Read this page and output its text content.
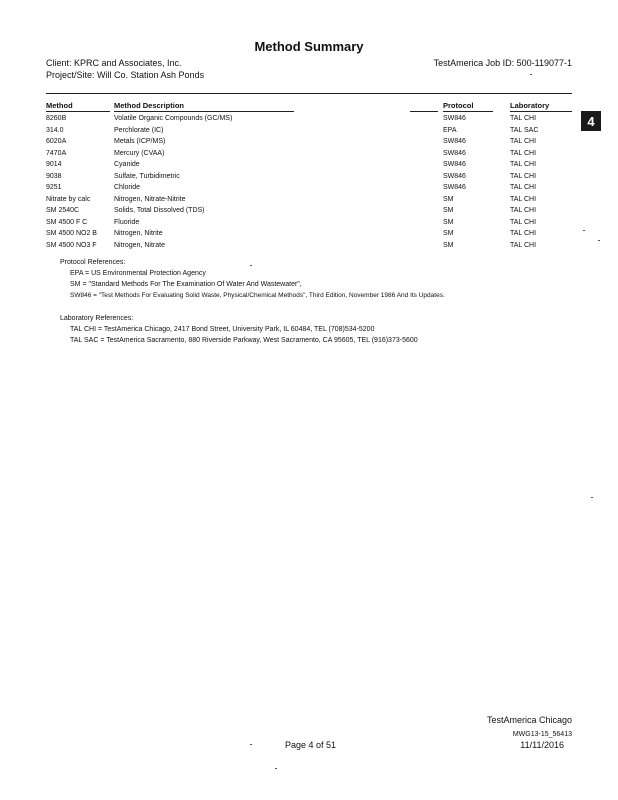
Method Summary
Client: KPRC and Associates, Inc.
Project/Site: Will Co. Station Ash Ponds
TestAmerica Job ID: 500-119077-1
4
Method	Method Description	Protocol	Laboratory
8260B	Volatile Organic Compounds (GC/MS)	SW846	TAL CHI
314.0	Perchlorate (IC)	EPA	TAL SAC
6020A	Metals (ICP/MS)	SW846	TAL CHI
7470A	Mercury (CVAA)	SW846	TAL CHI
9014	Cyanide	SW846	TAL CHI
9038	Sulfate, Turbidimetric	SW846	TAL CHI
9251	Chloride	SW846	TAL CHI
Nitrate by calc	Nitrogen, Nitrate-Nitrite	SM	TAL CHI
SM 2540C	Solids, Total Dissolved (TDS)	SM	TAL CHI
SM 4500 F C	Fluoride	SM	TAL CHI
SM 4500 NO2 B	Nitrogen, Nitrite	SM	TAL CHI
SM 4500 NO3 F	Nitrogen, Nitrate	SM	TAL CHI
Protocol References:
EPA = US Environmental Protection Agency
SM = "Standard Methods For The Examination Of Water And Wastewater",
SW846 = "Test Methods For Evaluating Solid Waste, Physical/Chemical Methods", Third Edition, November 1986 And Its Updates.
Laboratory References:
TAL CHI = TestAmerica Chicago, 2417 Bond Street, University Park, IL 60484, TEL (708)534-5200
TAL SAC = TestAmerica Sacramento, 880 Riverside Parkway, West Sacramento, CA 95605, TEL (916)373-5600
TestAmerica Chicago
MWG13-15_56413
Page 4 of 51	11/11/2016
